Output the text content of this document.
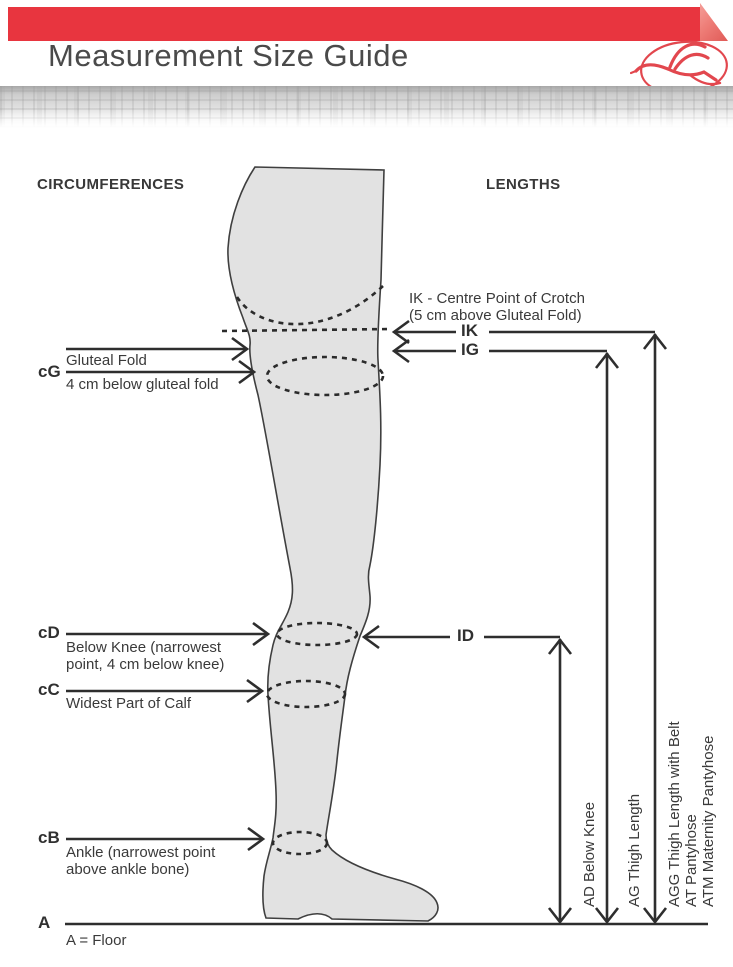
Measurement Size Guide
CIRCUMFERENCES	LENGTHS
IK - Centre Point of Crotch
(5 cm above Gluteal Fold)
IK
IG
ID
cG
Gluteal Fold
4 cm below gluteal fold
cD
Below Knee (narrowest
point, 4 cm below knee)
cC
Widest Part of Calf
cB
Ankle (narrowest point
above ankle bone)
A
A = Floor
AD Below Knee AG Thigh Length AGG Thigh Length with Belt AT Pantyhose ATM Maternity Pantyhose
